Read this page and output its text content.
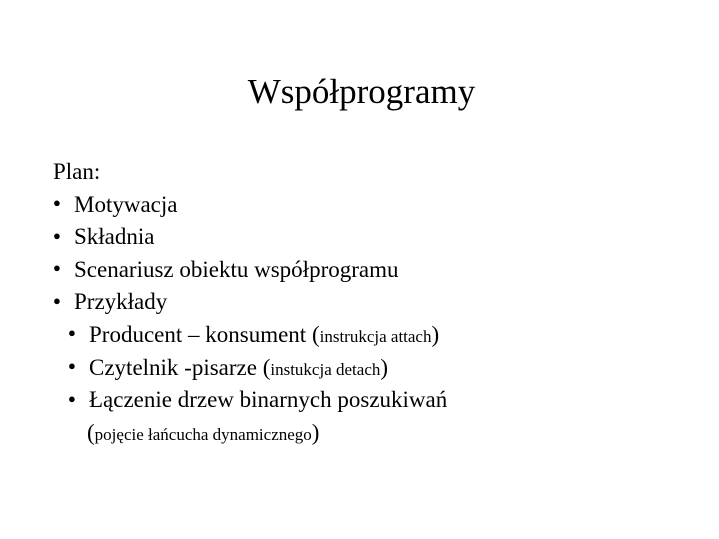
Współprogramy
Plan:
● Motywacja
● Składnia
● Scenariusz obiektu współprogramu
● Przykłady
● Producent – konsument (instrukcja attach)
● Czytelnik -pisarze (instukcja detach)
● Łączenie drzew binarnych poszukiwań
(pojęcie łańcucha dynamicznego)
